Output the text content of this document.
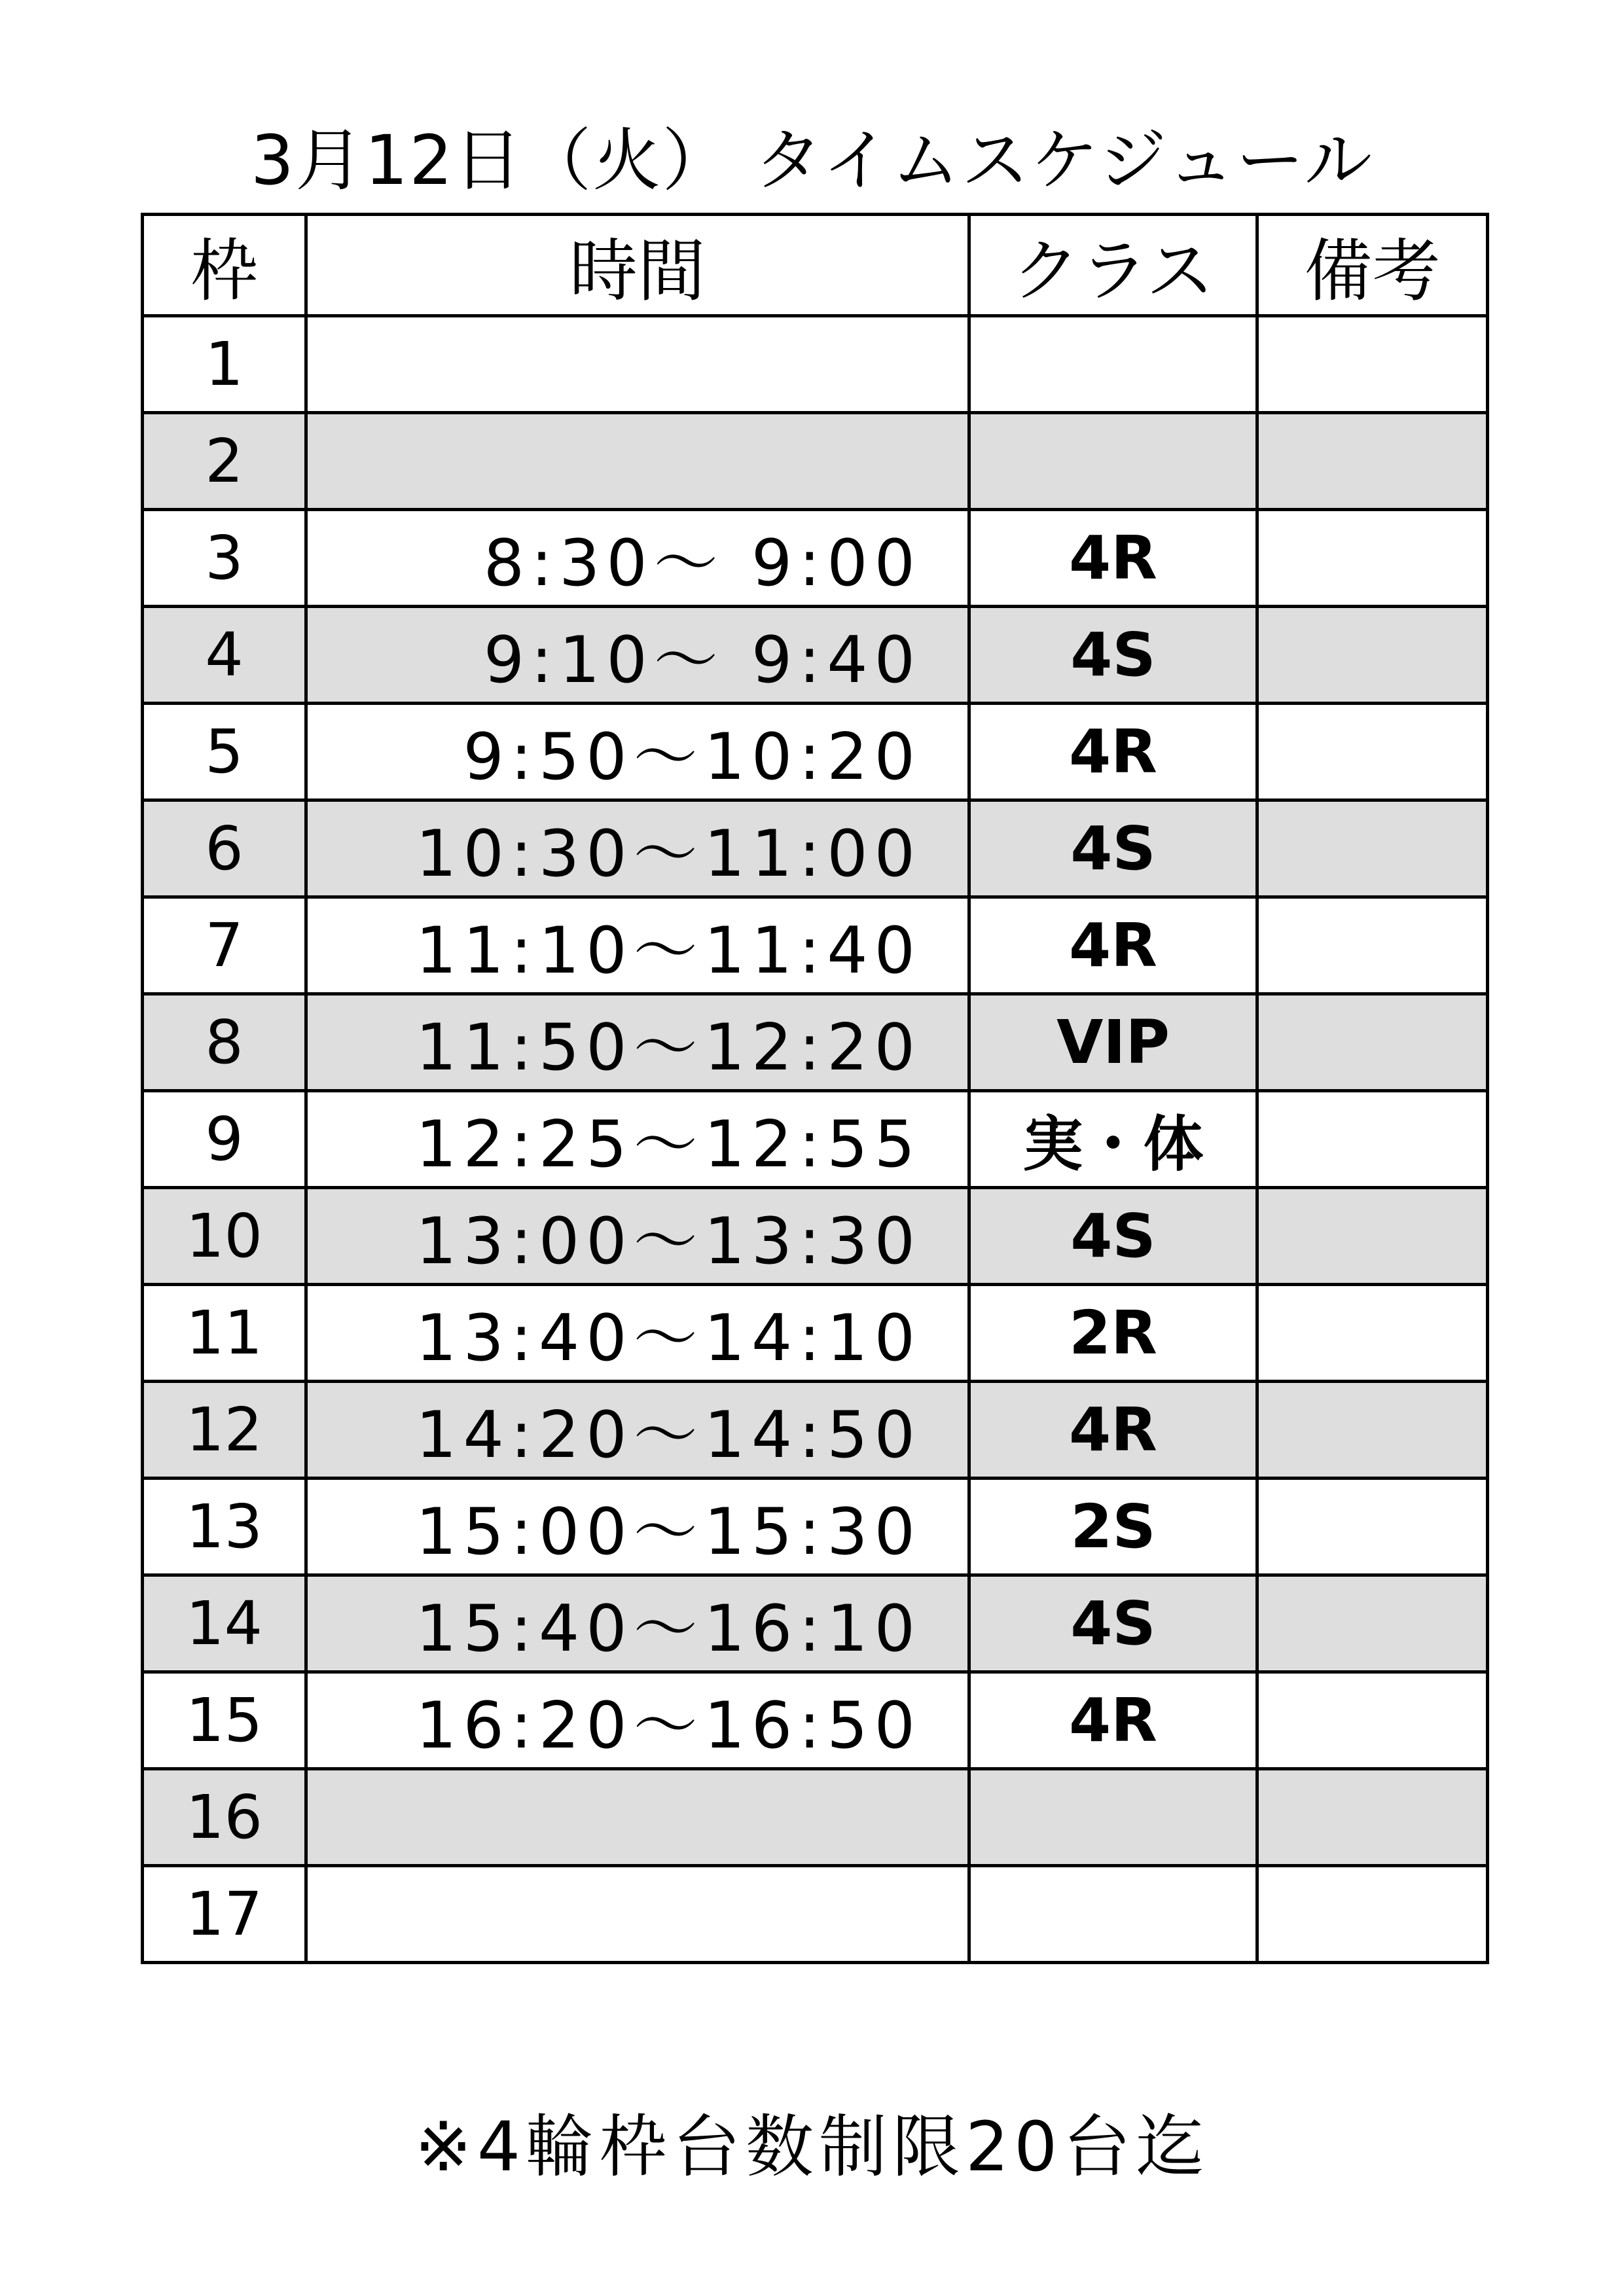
3月12日（火） タイムスケジュール
枠	時間	クラス	備考
1			
2			
3	8:30～ 9:00	4R	
4	9:10～ 9:40	4S	
5	9:50～10:20	4R	
6	10:30～11:00	4S	
7	11:10～11:40	4R	
8	11:50～12:20	VIP	
9	12:25～12:55	実・体	
10	13:00～13:30	4S	
11	13:40～14:10	2R	
12	14:20～14:50	4R	
13	15:00～15:30	2S	
14	15:40～16:10	4S	
15	16:20～16:50	4R	
16			
17			
※4輪枠台数制限20台迄
